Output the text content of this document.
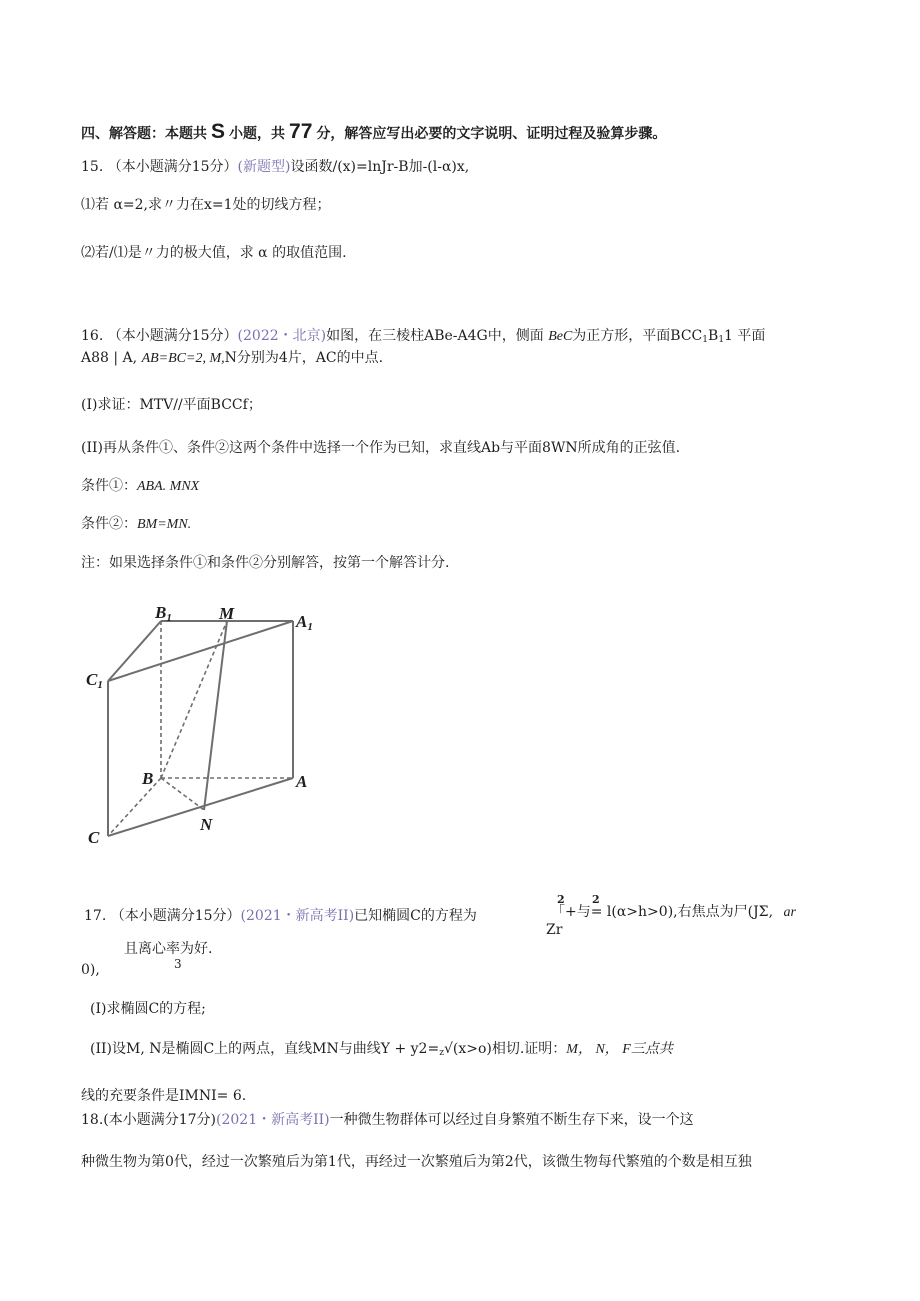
四、解答题：本题共 S 小题，共 77 分，解答应写出必要的文字说明、证明过程及验算步骤。
15. （本小题满分15分）(新题型)设函数/(x)=lnJr-B加-(l-α)x,
⑴若 α=2,求〃力在x=1处的切线方程；
⑵若/⑴是〃力的极大值，求 α 的取值范围.
16. （本小题满分15分）(2022・北京)如图，在三棱柱ABe-A4G中，侧面 BeC为正方形，平面$BCC_1B_11$ 平面
A88 | A, AB=BC=2, M,N分别为4片，AC的中点.
(I)求证：MTV//平面BCCf；
(II)再从条件①、条件②这两个条件中选择一个作为已知，求直线Ab与平面8WN所成角的正弦值.
条件①：ABA. MNX
条件②：BM=MN.
注：如果选择条件①和条件②分别解答，按第一个解答计分.
B1	M	A1
C1
B	A
N
C
17. （本小题满分15分）(2021・新高考II)已知椭圆C的方程为
2 2
「+与= l(α>h>0),右焦点为尸(JΣ, ar
Zr
且离心率为好.
3
0),
(I)求椭圆C的方程;
(II)设M, N是椭圆C上的两点，直线MN与曲线$Y + y2=_z√(x>o)$相切.证明：M， N， F三点共
线的充要条件是IMNI= 6.
18.(本小题满分17分)(2021・新高考II)一种微生物群体可以经过自身繁殖不断生存下来，设一个这
种微生物为第0代，经过一次繁殖后为第1代，再经过一次繁殖后为第2代，该微生物每代繁殖的个数是相互独
